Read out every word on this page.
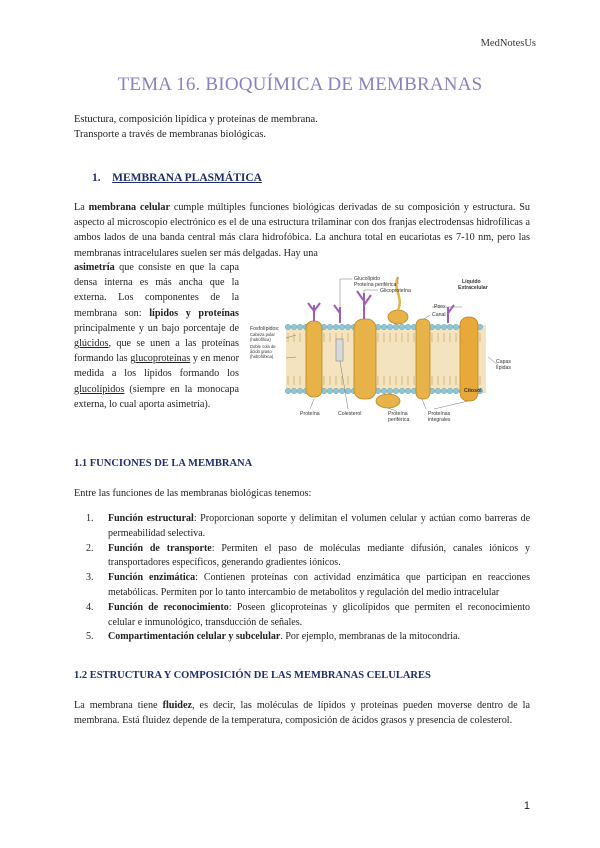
MedNotesUs
TEMA 16. BIOQUÍMICA DE MEMBRANAS
Estuctura, composición lipídica y proteínas de membrana.
Transporte a través de membranas biológicas.
1. MEMBRANA PLASMÁTICA
La membrana celular cumple múltiples funciones biológicas derivadas de su composición y estructura. Su aspecto al microscopio electrónico es el de una estructura trilaminar con dos franjas electrodensas hidrofílicas a ambos lados de una banda central más clara hidrofóbica. La anchura total en eucariotas es 7-10 nm, pero las membranas intracelulares suelen ser más delgadas. Hay una
asimetría que consiste en que la capa densa interna es más ancha que la externa. Los componentes de la membrana son: lípidos y proteínas principalmente y un bajo porcentaje de glúcidos, que se unen a las proteínas formando las glucoproteínas y en menor medida a los lípidos formando los glucolípidos (siempre en la monocapa externa, lo cual aporta asimetría).
Glucolípido
Proteína periférica
Glicoproteína
Líquido
Extracelular
Poro
Canal
Fosfolípidos:
Cabeza polar
(hidrofílica)
Doble cola de
ácido graso
(hidrofóbica)
Capas
lípidas
Citosol
Proteína	Colesterol	Proteína
periférica
Proteínas
integrales
1.1 FUNCIONES DE LA MEMBRANA
Entre las funciones de las membranas biológicas tenemos:
1.	Función estructural: Proporcionan soporte y delimitan el volumen celular y actúan como barreras de permeabilidad selectiva.
2.	Función de transporte: Permiten el paso de moléculas mediante difusión, canales iónicos y transportadores específicos, generando gradientes iónicos.
3.	Función enzimática: Contienen proteínas con actividad enzimática que participan en reacciones metabólicas. Permiten por lo tanto intercambio de metabolitos y regulación del medio intracelular
4.	Función de reconocimiento: Poseen glicoproteínas y glicolípidos que permiten el reconocimiento celular e inmunológico, transducción de señales.
5.	Compartimentación celular y subcelular. Por ejemplo, membranas de la mitocondria.
1.2 ESTRUCTURA Y COMPOSICIÓN DE LAS MEMBRANAS CELULARES
La membrana tiene fluidez, es decir, las moléculas de lípidos y proteínas pueden moverse dentro de la membrana. Está fluidez depende de la temperatura, composición de ácidos grasos y presencia de colesterol.
1
